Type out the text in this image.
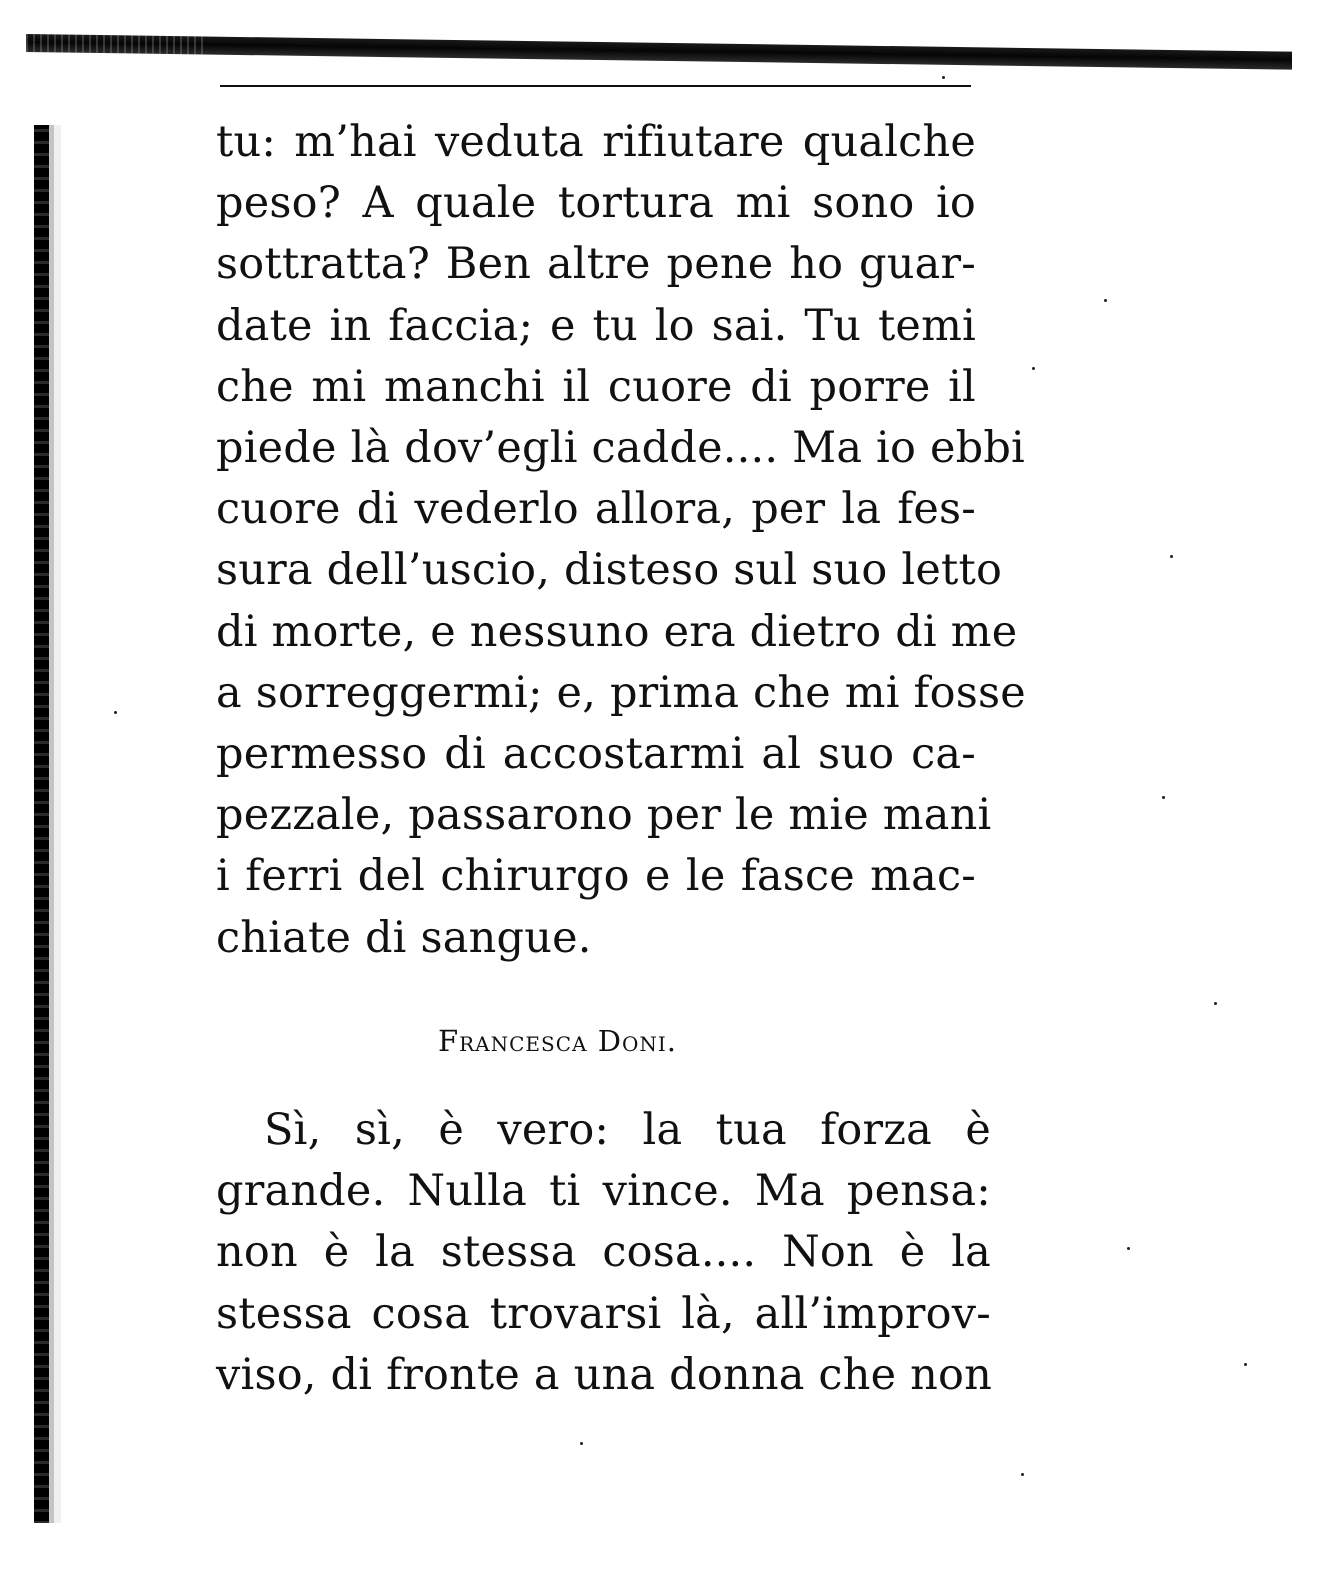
tu: m’hai veduta rifiutare qualche
peso? A quale tortura mi sono io
sottratta? Ben altre pene ho guar-
date in faccia; e tu lo sai. Tu temi
che mi manchi il cuore di porre il
piede là dov’egli cadde.... Ma io ebbi
cuore di vederlo allora, per la fes-
sura dell’uscio, disteso sul suo letto
di morte, e nessuno era dietro di me
a sorreggermi; e, prima che mi fosse
permesso di accostarmi al suo ca-
pezzale, passarono per le mie mani
i ferri del chirurgo e le fasce mac-
chiate di sangue.
Francesca Doni.
Sì, sì, è vero: la tua forza è
grande. Nulla ti vince. Ma pensa:
non è la stessa cosa.... Non è la
stessa cosa trovarsi là, all’improv-
viso, di fronte a una donna che non
